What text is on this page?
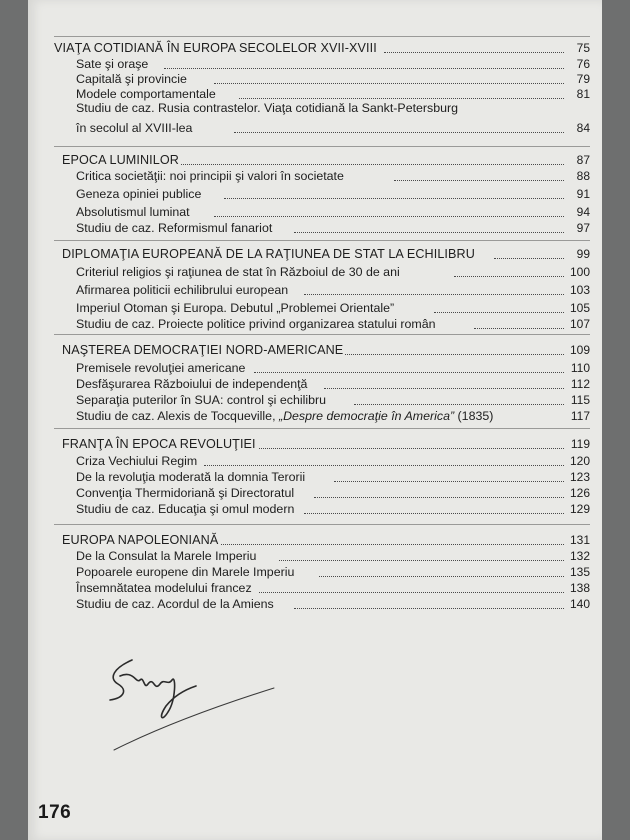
VIAŢA COTIDIANĂ ÎN EUROPA SECOLELOR XVII-XVIII	75
Sate şi oraşe	76
Capitală şi provincie	79
Modele comportamentale	81
Studiu de caz. Rusia contrastelor. Viaţa cotidiană la Sankt-Petersburg
în secolul al XVIII-lea	84
EPOCA LUMINILOR	87
Critica societăţii: noi principii şi valori în societate	88
Geneza opiniei publice	91
Absolutismul luminat	94
Studiu de caz. Reformismul fanariot	97
DIPLOMAŢIA EUROPEANĂ DE LA RAŢIUNEA DE STAT LA ECHILIBRU	99
Criteriul religios şi raţiunea de stat în Războiul de 30 de ani	100
Afirmarea politicii echilibrului european	103
Imperiul Otoman şi Europa. Debutul „Problemei Orientale”	105
Studiu de caz. Proiecte politice privind organizarea statului român	107
NAŞTEREA DEMOCRAŢIEI NORD-AMERICANE	109
Premisele revoluţiei americane	110
Desfăşurarea Războiului de independenţă	112
Separaţia puterilor în SUA: control şi echilibru	115
Studiu de caz. Alexis de Tocqueville, „Despre democraţie în America” (1835)	117
FRANŢA ÎN EPOCA REVOLUŢIEI	119
Criza Vechiului Regim	120
De la revoluţia moderată la domnia Terorii	123
Convenţia Thermidoriană şi Directoratul	126
Studiu de caz. Educaţia şi omul modern	129
EUROPA NAPOLEONIANĂ	131
De la Consulat la Marele Imperiu	132
Popoarele europene din Marele Imperiu	135
Însemnătatea modelului francez	138
Studiu de caz. Acordul de la Amiens	140
176
